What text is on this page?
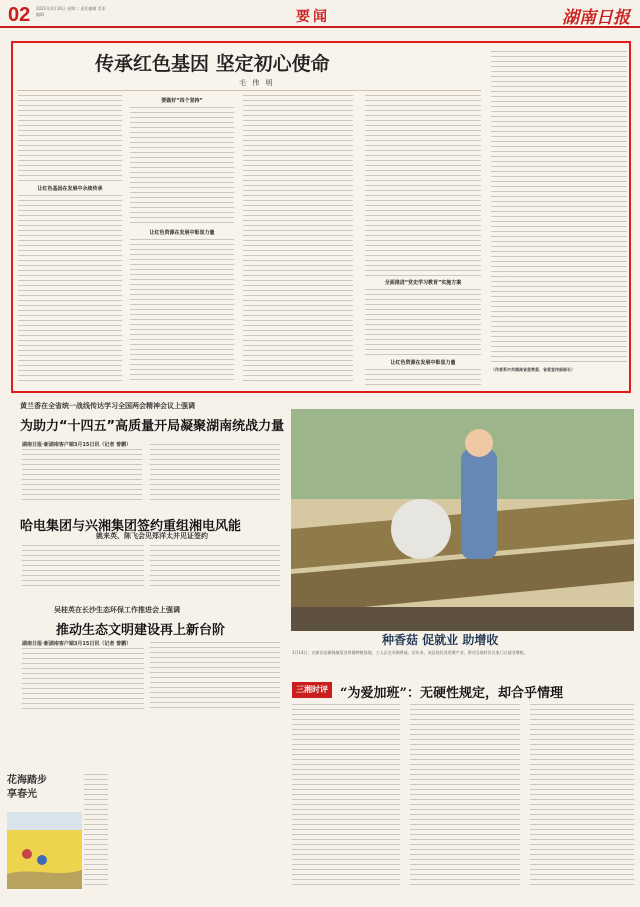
02 2021年3月16日 星期二 责任编辑 美术编辑	要闻	湖南日报
传承红色基因 坚定初心使命
毛 伟 明
让红色基因在发展中永续传承
要做好“四个坚持”
让红色资源在发展中彰显力量
全面推进“党史学习教育”实施方案
让红色资源在发展中彰显力量
（作者系中共湖南省委常委、省委宣传部部长）
黄兰香在全省统一战线传达学习全国两会精神会议上强调
为助力“十四五”高质量开局凝聚湖南统战力量
湖南日报·新湖南客户端3月15日讯（记者 曾鹏）
哈电集团与兴湘集团签约重组湘电风能
姚来英、陈飞会见郑洋太并见证签约
吴桂英在长沙生态环保工作推进会上强调
推动生态文明建设再上新台阶
湖南日报·新湖南客户端3月15日讯（记者 曾鹏）
花海踏步
享春光
种香菇 促就业 助增收
3月14日，在新田县新隆镇某食用菌种植基地，工人正在采摘香菇。近年来，该县依托食用菌产业，带动当地村民在家门口就业增收。
三湘时评 “为爱加班”：无硬性规定，却合乎情理
